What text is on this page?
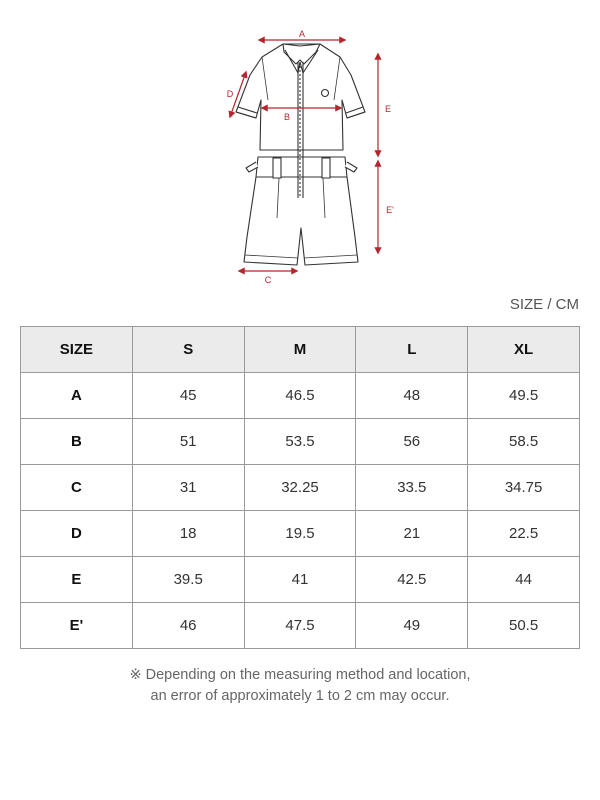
A
B
C
D
E
E'
SIZE / CM
SIZE	S	M	L	XL
A	45	46.5	48	49.5
B	51	53.5	56	58.5
C	31	32.25	33.5	34.75
D	18	19.5	21	22.5
E	39.5	41	42.5	44
E'	46	47.5	49	50.5
※ Depending on the measuring method and location,
an error of approximately 1 to 2 cm may occur.
